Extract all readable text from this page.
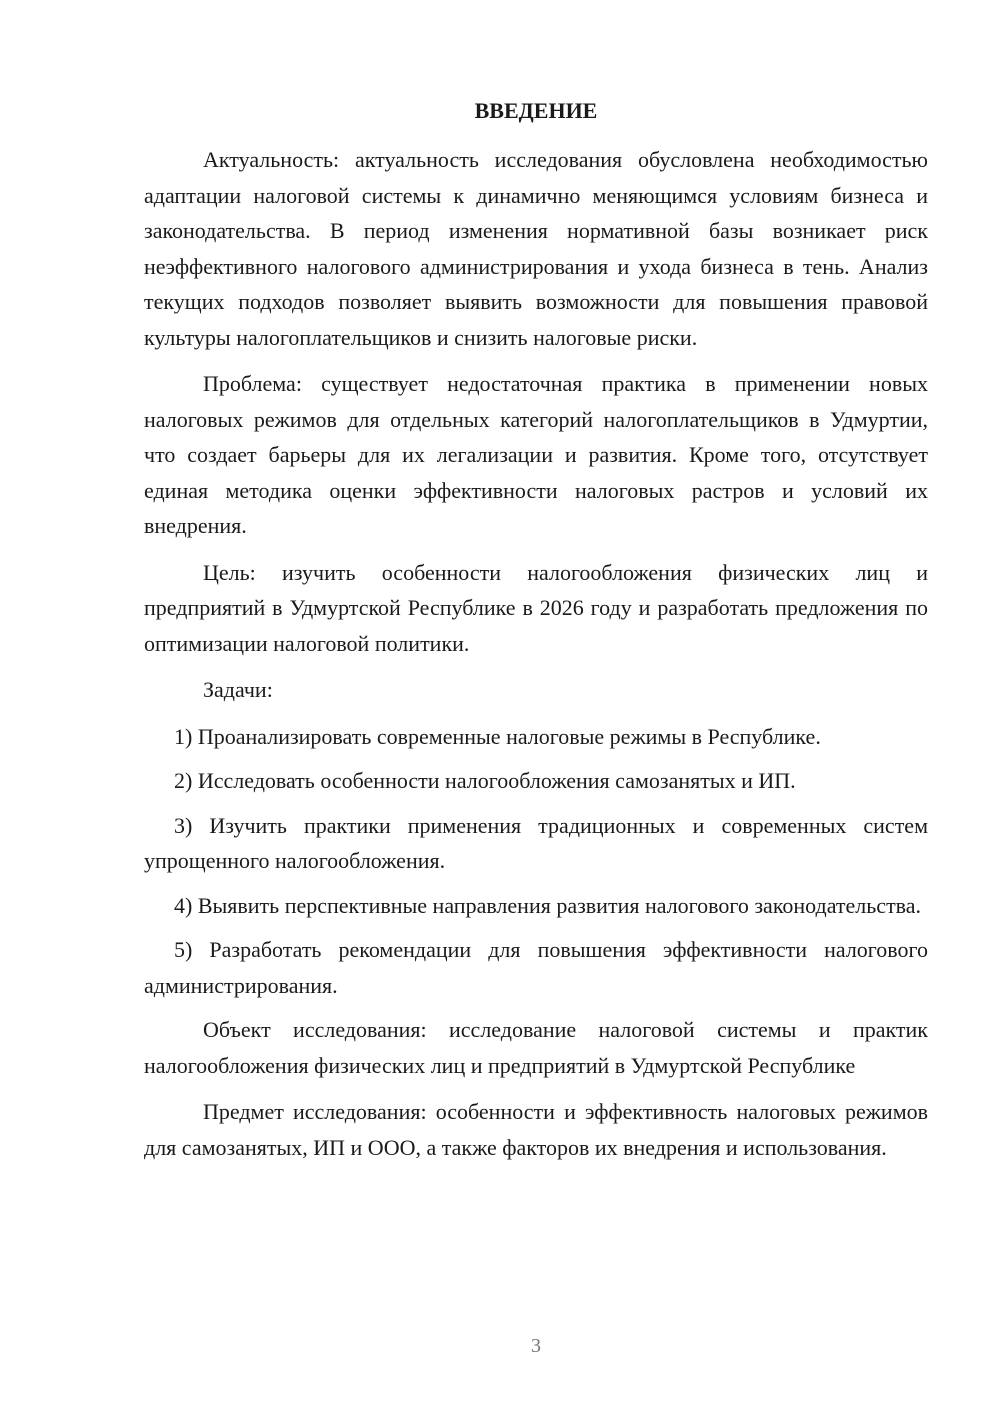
ВВЕДЕНИЕ

Актуальность: актуальность исследования обусловлена необходимостью адаптации налоговой системы к динамично меняющимся условиям бизнеса и законодательства. В период изменения нормативной базы возникает риск неэффективного налогового администрирования и ухода бизнеса в тень. Анализ текущих подходов позволяет выявить возможности для повышения правовой культуры налогоплательщиков и снизить налоговые риски.

Проблема: существует недостаточная практика в применении новых налоговых режимов для отдельных категорий налогоплательщиков в Удмуртии, что создает барьеры для их легализации и развития. Кроме того, отсутствует единая методика оценки эффективности налоговых растров и условий их внедрения.

Цель: изучить особенности налогообложения физических лиц и предприятий в Удмуртской Республике в 2026 году и разработать предложения по оптимизации налоговой политики.

Задачи:

1) Проанализировать современные налоговые режимы в Республике.

2) Исследовать особенности налогообложения самозанятых и ИП.

3) Изучить практики применения традиционных и современных систем упрощенного налогообложения.

4) Выявить перспективные направления развития налогового законодательства.

5) Разработать рекомендации для повышения эффективности налогового администрирования.

Объект исследования: исследование налоговой системы и практик налогообложения физических лиц и предприятий в Удмуртской Республике

Предмет исследования: особенности и эффективность налоговых режимов для самозанятых, ИП и ООО, а также факторов их внедрения и использования.

3
